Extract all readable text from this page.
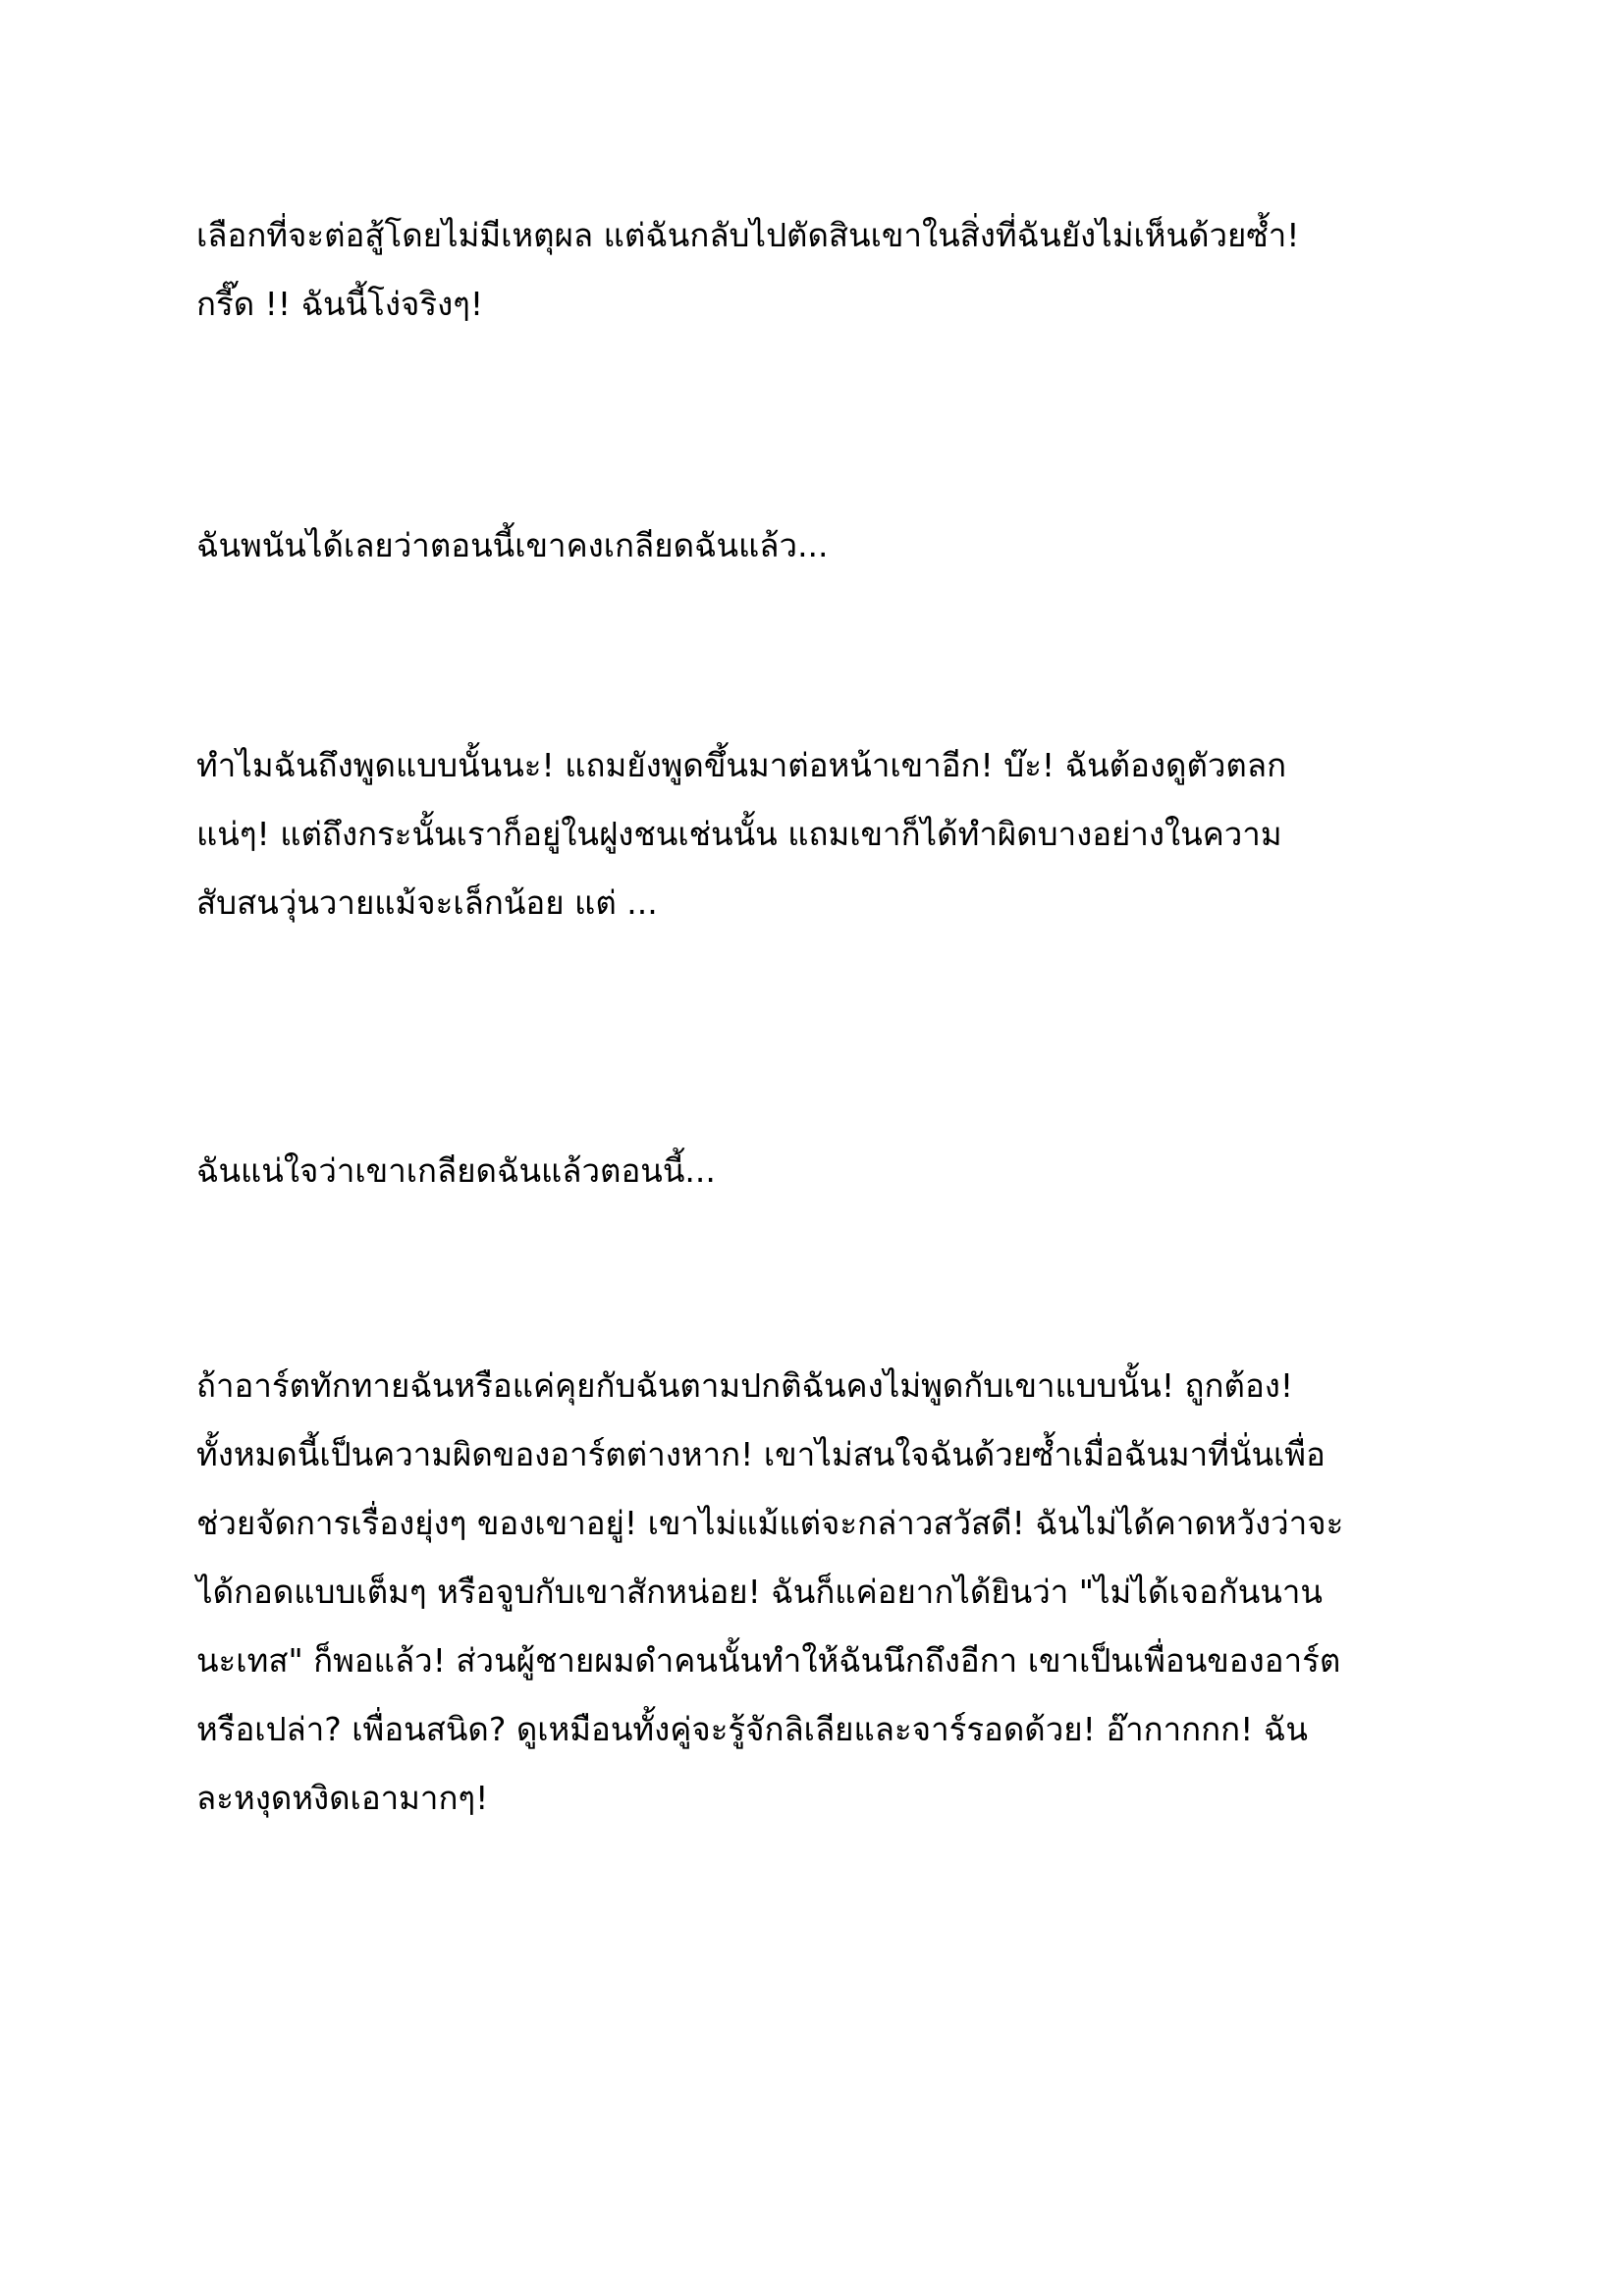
เลือกที่จะต่อสู้โดยไม่มีเหตุผล แต่ฉันกลับไปตัดสินเขาในสิ่งที่ฉันยังไม่เห็นด้วยซ้ำ!
กรี๊ด !! ฉันนี้โง่จริงๆ!
ฉันพนันได้เลยว่าตอนนี้เขาคงเกลียดฉันแล้ว...
ทำไมฉันถึงพูดแบบนั้นนะ! แถมยังพูดขึ้นมาต่อหน้าเขาอีก! บ๊ะ! ฉันต้องดูตัวตลก
แน่ๆ! แต่ถึงกระนั้นเราก็อยู่ในฝูงชนเช่นนั้น แถมเขาก็ได้ทำผิดบางอย่างในความ
สับสนวุ่นวายแม้จะเล็กน้อย แต่ ...
ฉันแน่ใจว่าเขาเกลียดฉันแล้วตอนนี้...
ถ้าอาร์ตทักทายฉันหรือแค่คุยกับฉันตามปกติฉันคงไม่พูดกับเขาแบบนั้น! ถูกต้อง!
ทั้งหมดนี้เป็นความผิดของอาร์ตต่างหาก! เขาไม่สนใจฉันด้วยซ้ำเมื่อฉันมาที่นั่นเพื่อ
ช่วยจัดการเรื่องยุ่งๆ ของเขาอยู่! เขาไม่แม้แต่จะกล่าวสวัสดี! ฉันไม่ได้คาดหวังว่าจะ
ได้กอดแบบเต็มๆ หรือจูบกับเขาสักหน่อย! ฉันก็แค่อยากได้ยินว่า "ไม่ได้เจอกันนาน
นะเทส" ก็พอแล้ว! ส่วนผู้ชายผมดำคนนั้นทำให้ฉันนึกถึงอีกา เขาเป็นเพื่อนของอาร์ต
หรือเปล่า? เพื่อนสนิด? ดูเหมือนทั้งคู่จะรู้จักลิเลียและจาร์รอดด้วย! อ๊ากากกก! ฉัน
ละหงุดหงิดเอามากๆ!
